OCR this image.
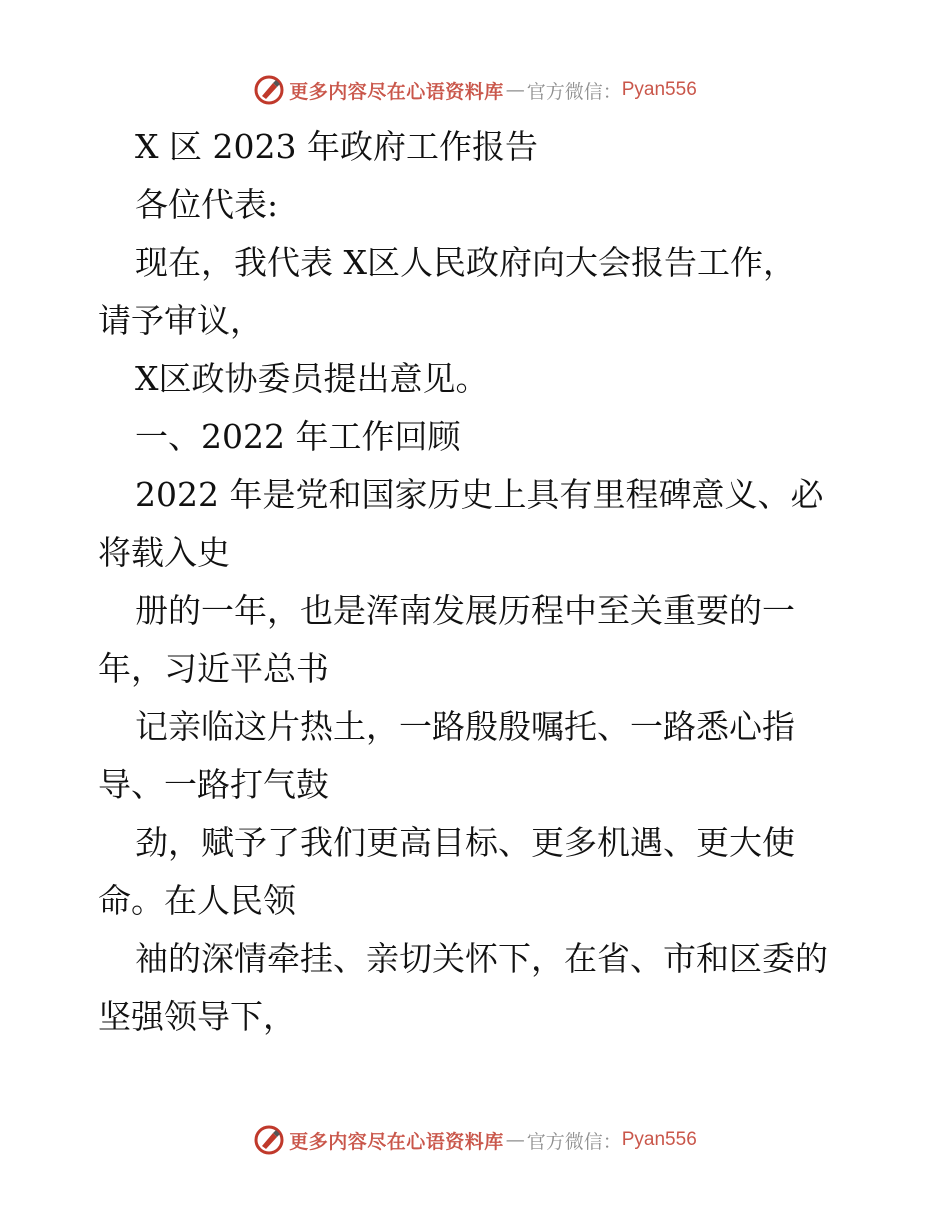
更多内容尽在心语资料库 — 官方微信： Pyan556
X 区 2023 年政府工作报告
各位代表:
现在，我代表 X区人民政府向大会报告工作，
请予审议，
X区政协委员提出意见。
一、2022 年工作回顾
2022 年是党和国家历史上具有里程碑意义、必
将载入史
册的一年，也是浑南发展历程中至关重要的一
年，习近平总书
记亲临这片热土，一路殷殷嘱托、一路悉心指
导、一路打气鼓
劲，赋予了我们更高目标、更多机遇、更大使
命。在人民领
袖的深情牵挂、亲切关怀下，在省、市和区委的
坚强领导下，
更多内容尽在心语资料库 — 官方微信： Pyan556
